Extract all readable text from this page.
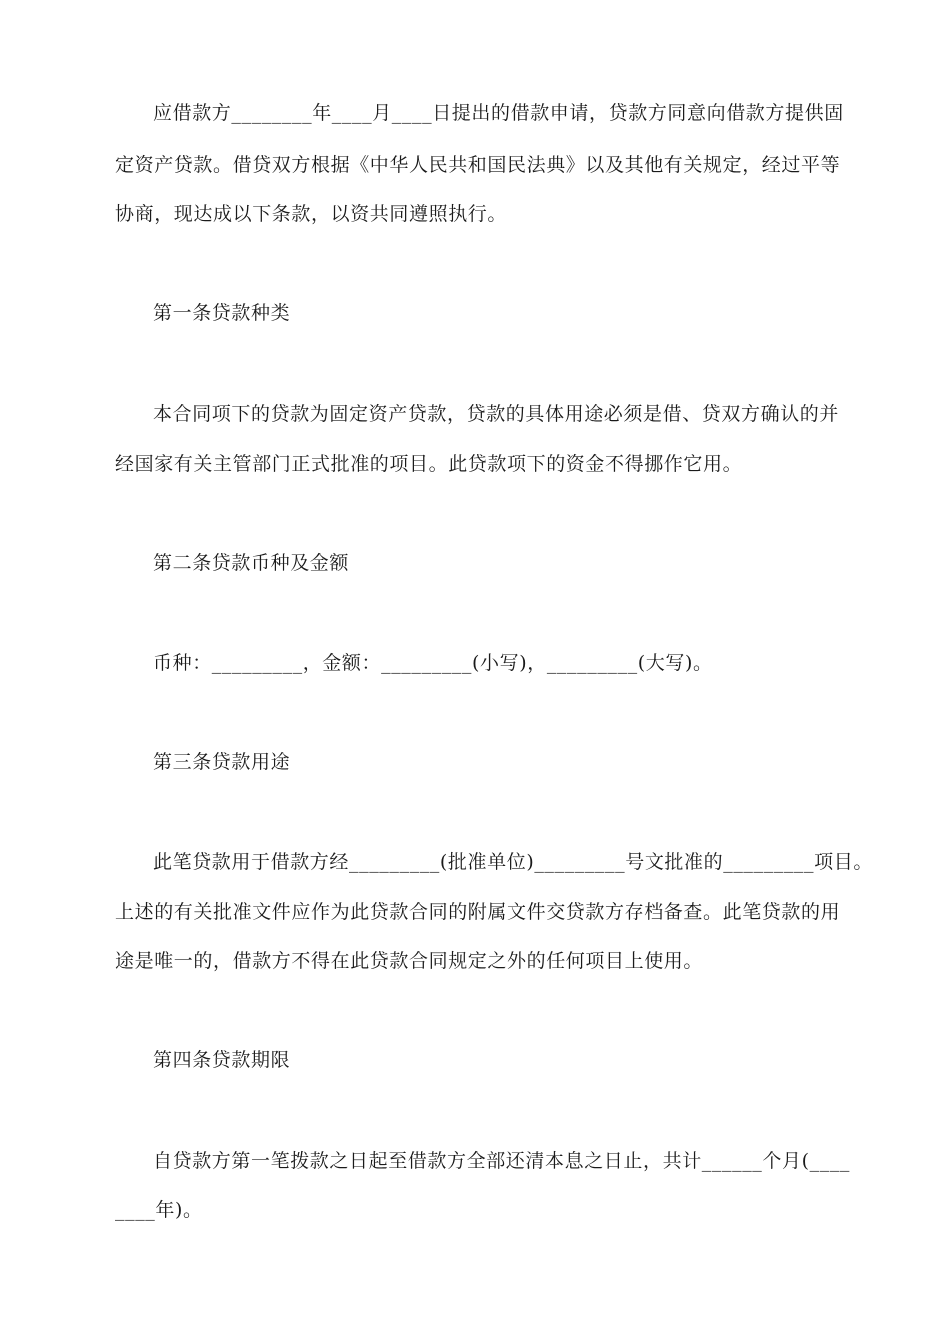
应借款方________年____月____日提出的借款申请，贷款方同意向借款方提供固
定资产贷款。借贷双方根据《中华人民共和国民法典》以及其他有关规定，经过平等
协商，现达成以下条款，以资共同遵照执行。
第一条贷款种类
本合同项下的贷款为固定资产贷款，贷款的具体用途必须是借、贷双方确认的并
经国家有关主管部门正式批准的项目。此贷款项下的资金不得挪作它用。
第二条贷款币种及金额
币种：_________，金额：_________(小写)，_________(大写)。
第三条贷款用途
此笔贷款用于借款方经_________(批准单位)_________号文批准的_________项目。
上述的有关批准文件应作为此贷款合同的附属文件交贷款方存档备查。此笔贷款的用
途是唯一的，借款方不得在此贷款合同规定之外的任何项目上使用。
第四条贷款期限
自贷款方第一笔拨款之日起至借款方全部还清本息之日止，共计______个月(____
____年)。
